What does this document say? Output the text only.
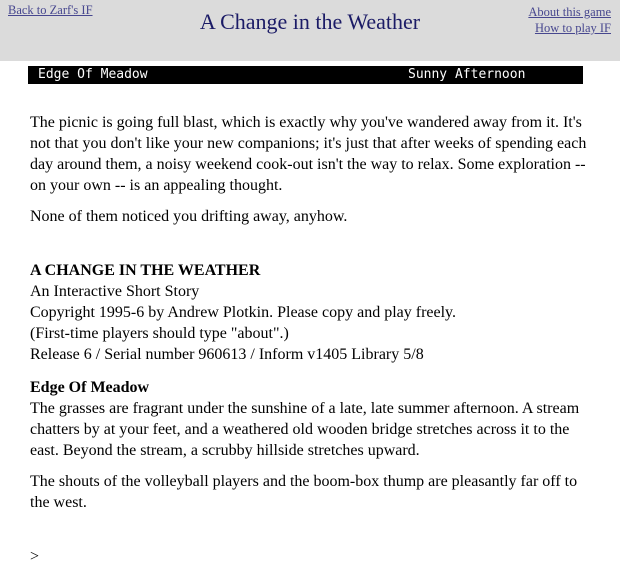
Back to Zarf's IF	A Change in the Weather	About this game
How to play IF
Edge Of Meadow	Sunny Afternoon

The picnic is going full blast, which is exactly why you've wandered away from it. It's not that you don't like your new companions; it's just that after weeks of spending each day around them, a noisy weekend cook-out isn't the way to relax. Some exploration -- on your own -- is an appealing thought.

None of them noticed you drifting away, anyhow.

A CHANGE IN THE WEATHER

An Interactive Short Story

Copyright 1995-6 by Andrew Plotkin. Please copy and play freely.

(First-time players should type "about".)

Release 6 / Serial number 960613 / Inform v1405 Library 5/8

Edge Of Meadow

The grasses are fragrant under the sunshine of a late, late summer afternoon. A stream chatters by at your feet, and a weathered old wooden bridge stretches across it to the east. Beyond the stream, a scrubby hillside stretches upward.

The shouts of the volleyball players and the boom-box thump are pleasantly far off to the west.

>
